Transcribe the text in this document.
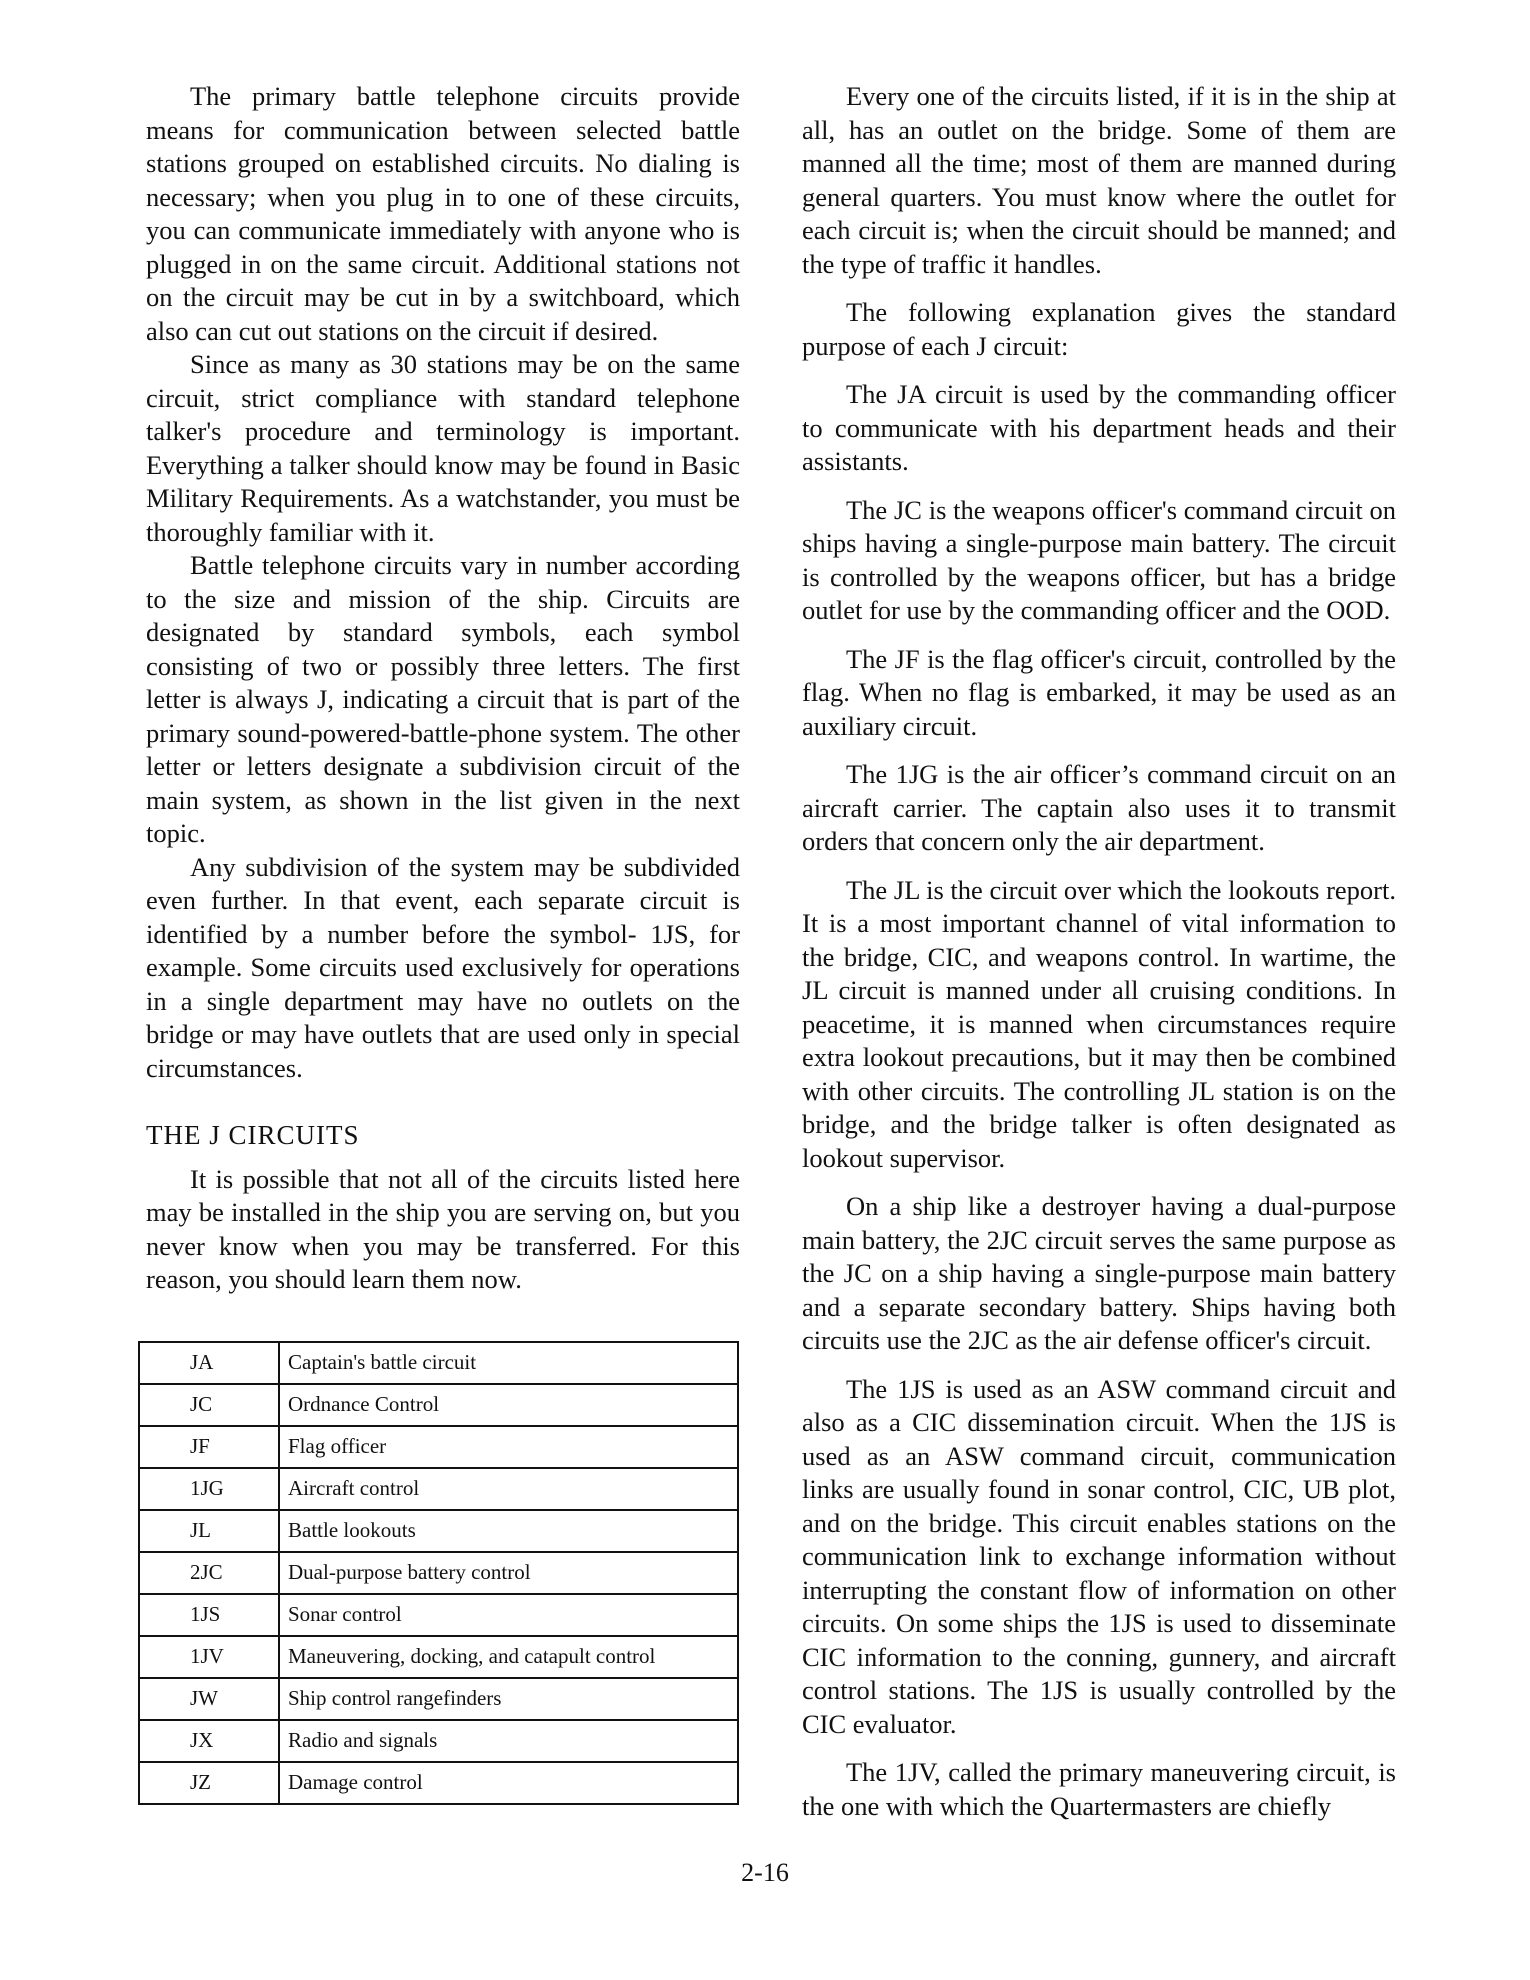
The primary battle telephone circuits provide means for communication between selected battle stations grouped on established circuits. No dialing is necessary; when you plug in to one of these circuits, you can communicate immediately with anyone who is plugged in on the same circuit. Additional stations not on the circuit may be cut in by a switchboard, which also can cut out stations on the circuit if desired.

Since as many as 30 stations may be on the same circuit, strict compliance with standard telephone talker's procedure and terminology is important. Everything a talker should know may be found in Basic Military Requirements. As a watchstander, you must be thoroughly familiar with it.

Battle telephone circuits vary in number according to the size and mission of the ship. Circuits are designated by standard symbols, each symbol consisting of two or possibly three letters. The first letter is always J, indicating a circuit that is part of the primary sound-powered-battle-phone system. The other letter or letters designate a subdivision circuit of the main system, as shown in the list given in the next topic.

Any subdivision of the system may be subdivided even further. In that event, each separate circuit is identified by a number before the symbol- 1JS, for example. Some circuits used exclusively for operations in a single department may have no outlets on the bridge or may have outlets that are used only in special circumstances.

THE J CIRCUITS

It is possible that not all of the circuits listed here may be installed in the ship you are serving on, but you never know when you may be transferred. For this reason, you should learn them now.

JA	Captain's battle circuit
JC	Ordnance Control
JF	Flag officer
1JG	Aircraft control
JL	Battle lookouts
2JC	Dual-purpose battery control
1JS	Sonar control
1JV	Maneuvering, docking, and catapult control
JW	Ship control rangefinders
JX	Radio and signals
JZ	Damage control

Every one of the circuits listed, if it is in the ship at all, has an outlet on the bridge. Some of them are manned all the time; most of them are manned during general quarters. You must know where the outlet for each circuit is; when the circuit should be manned; and the type of traffic it handles.

The following explanation gives the standard purpose of each J circuit:

The JA circuit is used by the commanding officer to communicate with his department heads and their assistants.

The JC is the weapons officer's command circuit on ships having a single-purpose main battery. The circuit is controlled by the weapons officer, but has a bridge outlet for use by the commanding officer and the OOD.

The JF is the flag officer's circuit, controlled by the flag. When no flag is embarked, it may be used as an auxiliary circuit.

The 1JG is the air officer’s command circuit on an aircraft carrier. The captain also uses it to transmit orders that concern only the air department.

The JL is the circuit over which the lookouts report. It is a most important channel of vital information to the bridge, CIC, and weapons control. In wartime, the JL circuit is manned under all cruising conditions. In peacetime, it is manned when circumstances require extra lookout precautions, but it may then be combined with other circuits. The controlling JL station is on the bridge, and the bridge talker is often designated as lookout supervisor.

On a ship like a destroyer having a dual-purpose main battery, the 2JC circuit serves the same purpose as the JC on a ship having a single-purpose main battery and a separate secondary battery. Ships having both circuits use the 2JC as the air defense officer's circuit.

The 1JS is used as an ASW command circuit and also as a CIC dissemination circuit. When the 1JS is used as an ASW command circuit, communication links are usually found in sonar control, CIC, UB plot, and on the bridge. This circuit enables stations on the communication link to exchange information without interrupting the constant flow of information on other circuits. On some ships the 1JS is used to disseminate CIC information to the conning, gunnery, and aircraft control stations. The 1JS is usually controlled by the CIC evaluator.

The 1JV, called the primary maneuvering circuit, is the one with which the Quartermasters are chiefly

2-16
